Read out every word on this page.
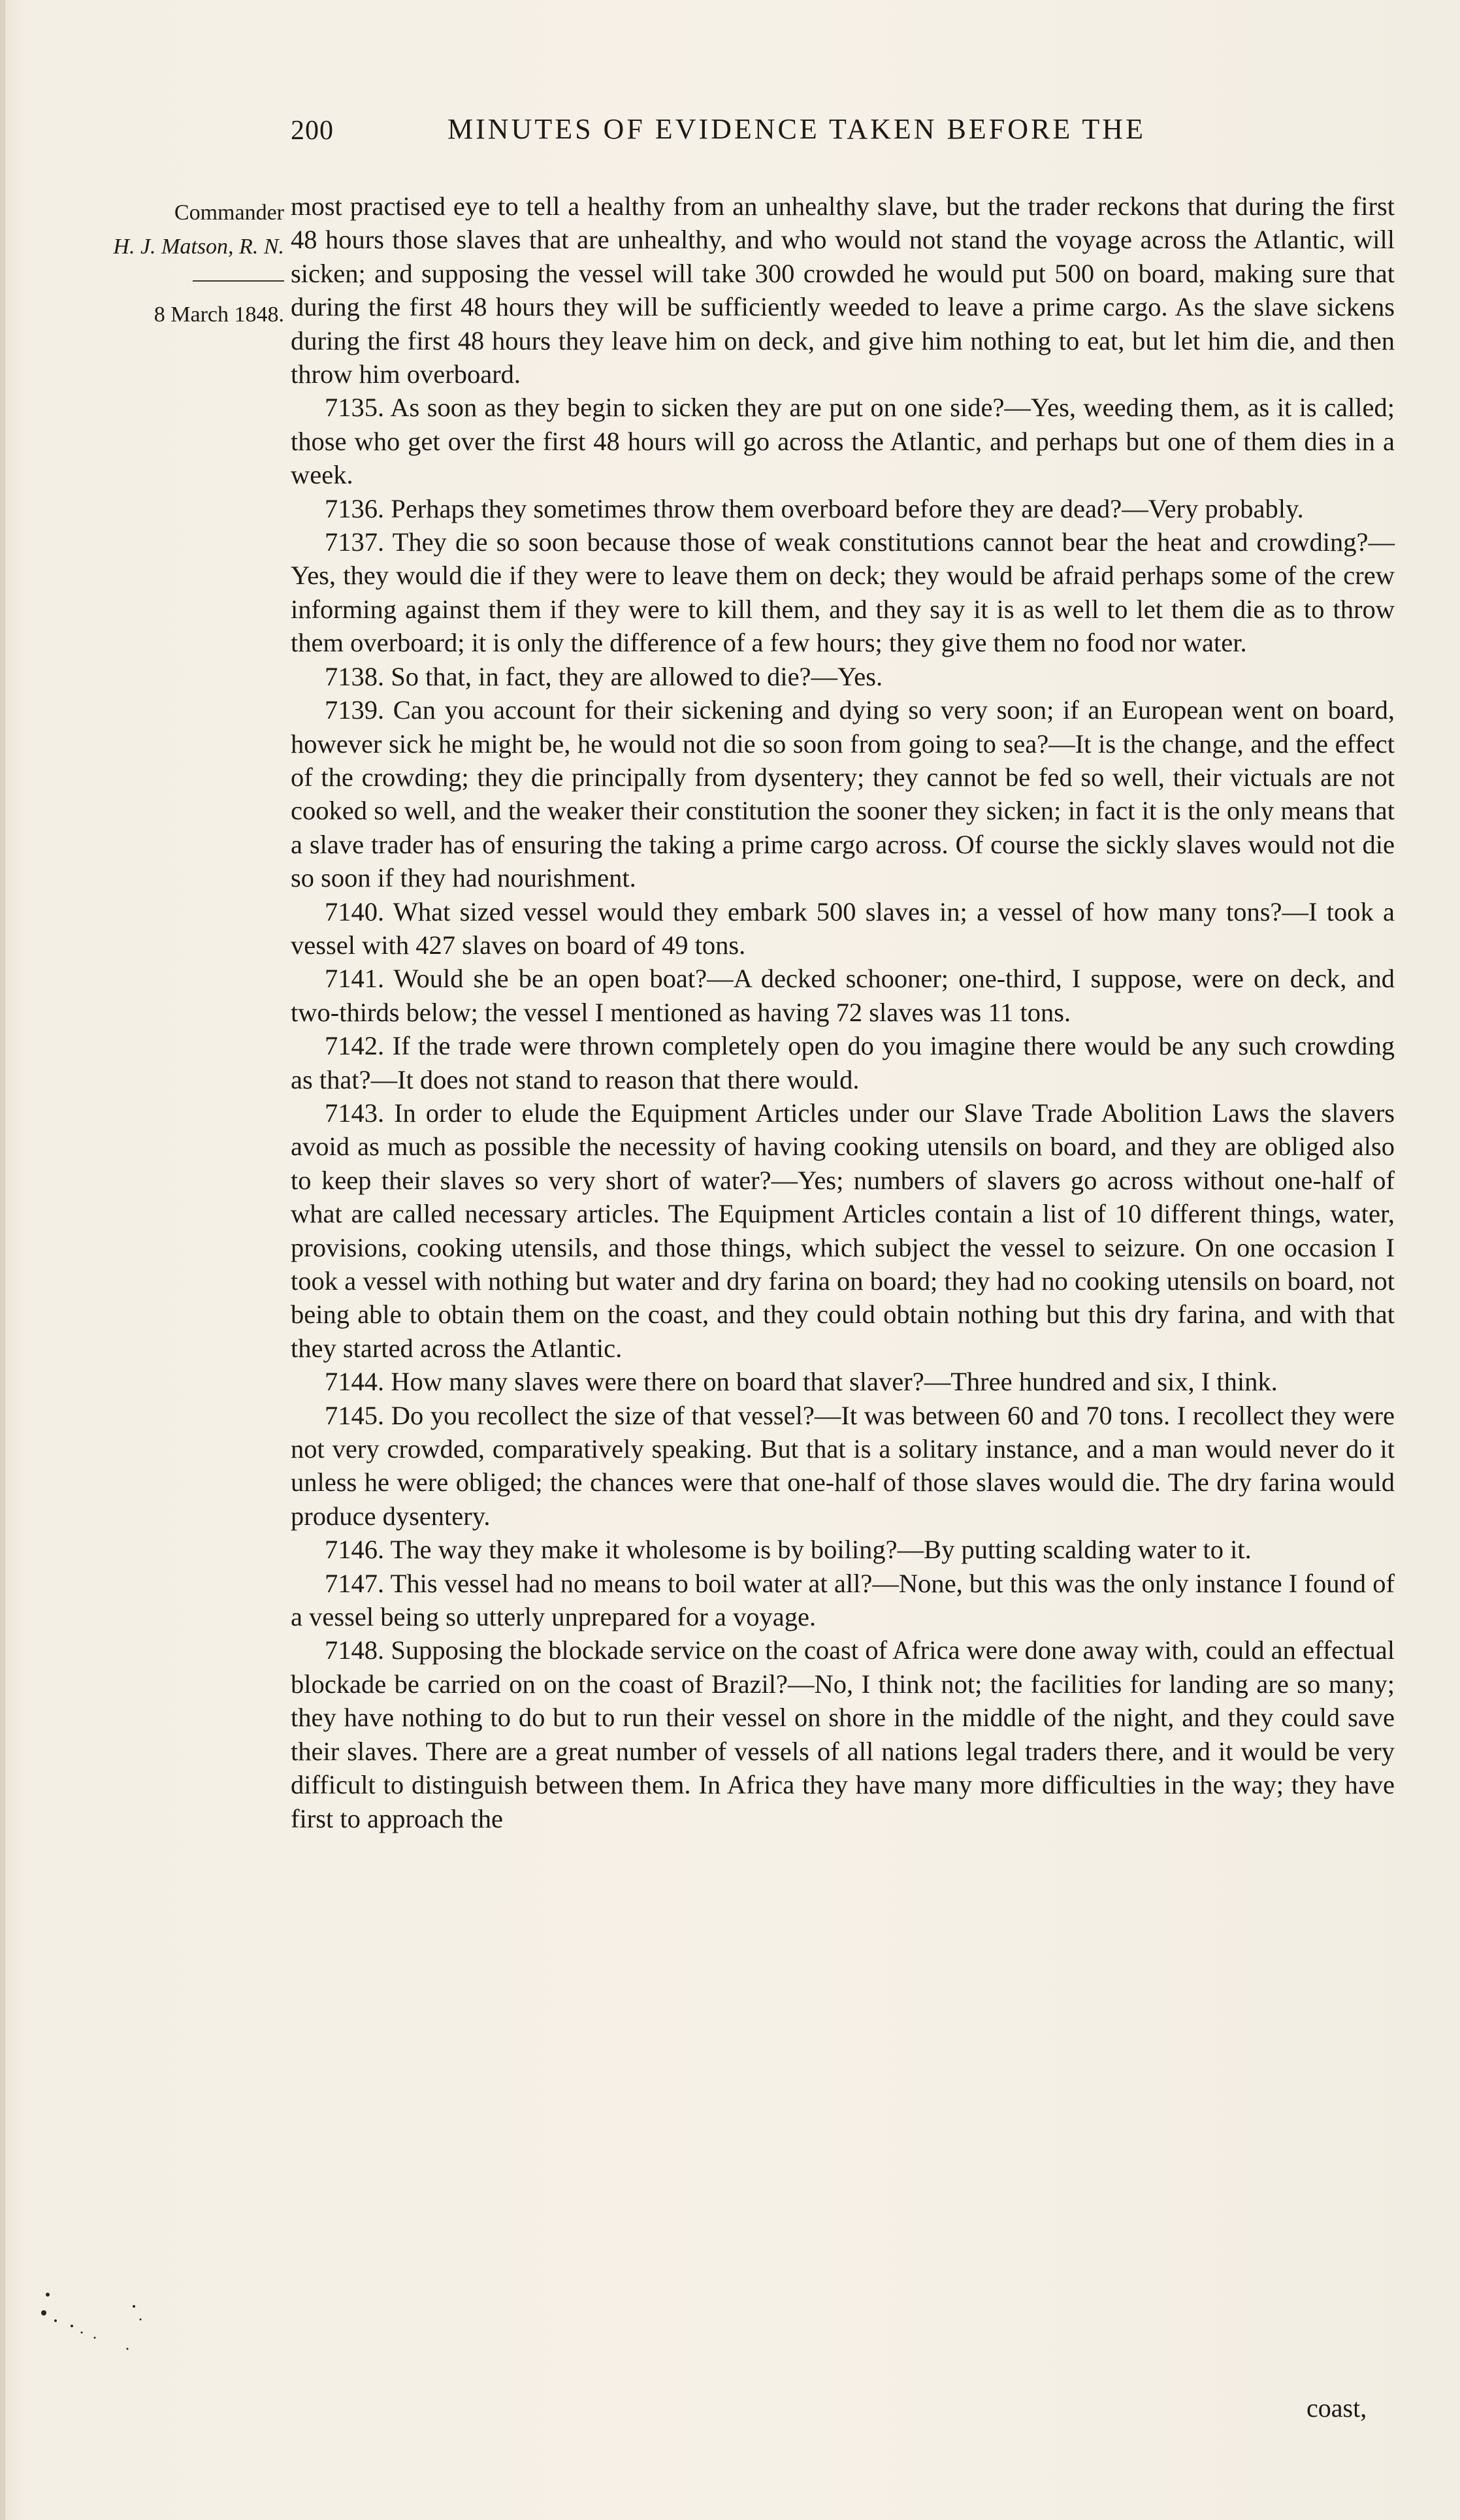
200	MINUTES OF EVIDENCE TAKEN BEFORE THE
Commander
H. J. Matson, R. N.
8 March 1848.

most practised eye to tell a healthy from an unhealthy slave, but the trader reckons that during the first 48 hours those slaves that are unhealthy, and who would not stand the voyage across the Atlantic, will sicken; and supposing the vessel will take 300 crowded he would put 500 on board, making sure that during the first 48 hours they will be sufficiently weeded to leave a prime cargo. As the slave sickens during the first 48 hours they leave him on deck, and give him nothing to eat, but let him die, and then throw him overboard.

7135. As soon as they begin to sicken they are put on one side?—Yes, weeding them, as it is called; those who get over the first 48 hours will go across the Atlantic, and perhaps but one of them dies in a week.

7136. Perhaps they sometimes throw them overboard before they are dead?—Very probably.

7137. They die so soon because those of weak constitutions cannot bear the heat and crowding?—Yes, they would die if they were to leave them on deck; they would be afraid perhaps some of the crew informing against them if they were to kill them, and they say it is as well to let them die as to throw them overboard; it is only the difference of a few hours; they give them no food nor water.

7138. So that, in fact, they are allowed to die?—Yes.

7139. Can you account for their sickening and dying so very soon; if an European went on board, however sick he might be, he would not die so soon from going to sea?—It is the change, and the effect of the crowding; they die principally from dysentery; they cannot be fed so well, their victuals are not cooked so well, and the weaker their constitution the sooner they sicken; in fact it is the only means that a slave trader has of ensuring the taking a prime cargo across. Of course the sickly slaves would not die so soon if they had nourishment.

7140. What sized vessel would they embark 500 slaves in; a vessel of how many tons?—I took a vessel with 427 slaves on board of 49 tons.

7141. Would she be an open boat?—A decked schooner; one-third, I suppose, were on deck, and two-thirds below; the vessel I mentioned as having 72 slaves was 11 tons.

7142. If the trade were thrown completely open do you imagine there would be any such crowding as that?—It does not stand to reason that there would.

7143. In order to elude the Equipment Articles under our Slave Trade Abolition Laws the slavers avoid as much as possible the necessity of having cooking utensils on board, and they are obliged also to keep their slaves so very short of water?—Yes; numbers of slavers go across without one-half of what are called necessary articles. The Equipment Articles contain a list of 10 different things, water, provisions, cooking utensils, and those things, which subject the vessel to seizure. On one occasion I took a vessel with nothing but water and dry farina on board; they had no cooking utensils on board, not being able to obtain them on the coast, and they could obtain nothing but this dry farina, and with that they started across the Atlantic.

7144. How many slaves were there on board that slaver?—Three hundred and six, I think.

7145. Do you recollect the size of that vessel?—It was between 60 and 70 tons. I recollect they were not very crowded, comparatively speaking. But that is a solitary instance, and a man would never do it unless he were obliged; the chances were that one-half of those slaves would die. The dry farina would produce dysentery.

7146. The way they make it wholesome is by boiling?—By putting scalding water to it.

7147. This vessel had no means to boil water at all?—None, but this was the only instance I found of a vessel being so utterly unprepared for a voyage.

7148. Supposing the blockade service on the coast of Africa were done away with, could an effectual blockade be carried on on the coast of Brazil?—No, I think not; the facilities for landing are so many; they have nothing to do but to run their vessel on shore in the middle of the night, and they could save their slaves. There are a great number of vessels of all nations legal traders there, and it would be very difficult to distinguish between them. In Africa they have many more difficulties in the way; they have first to approach the

coast,
